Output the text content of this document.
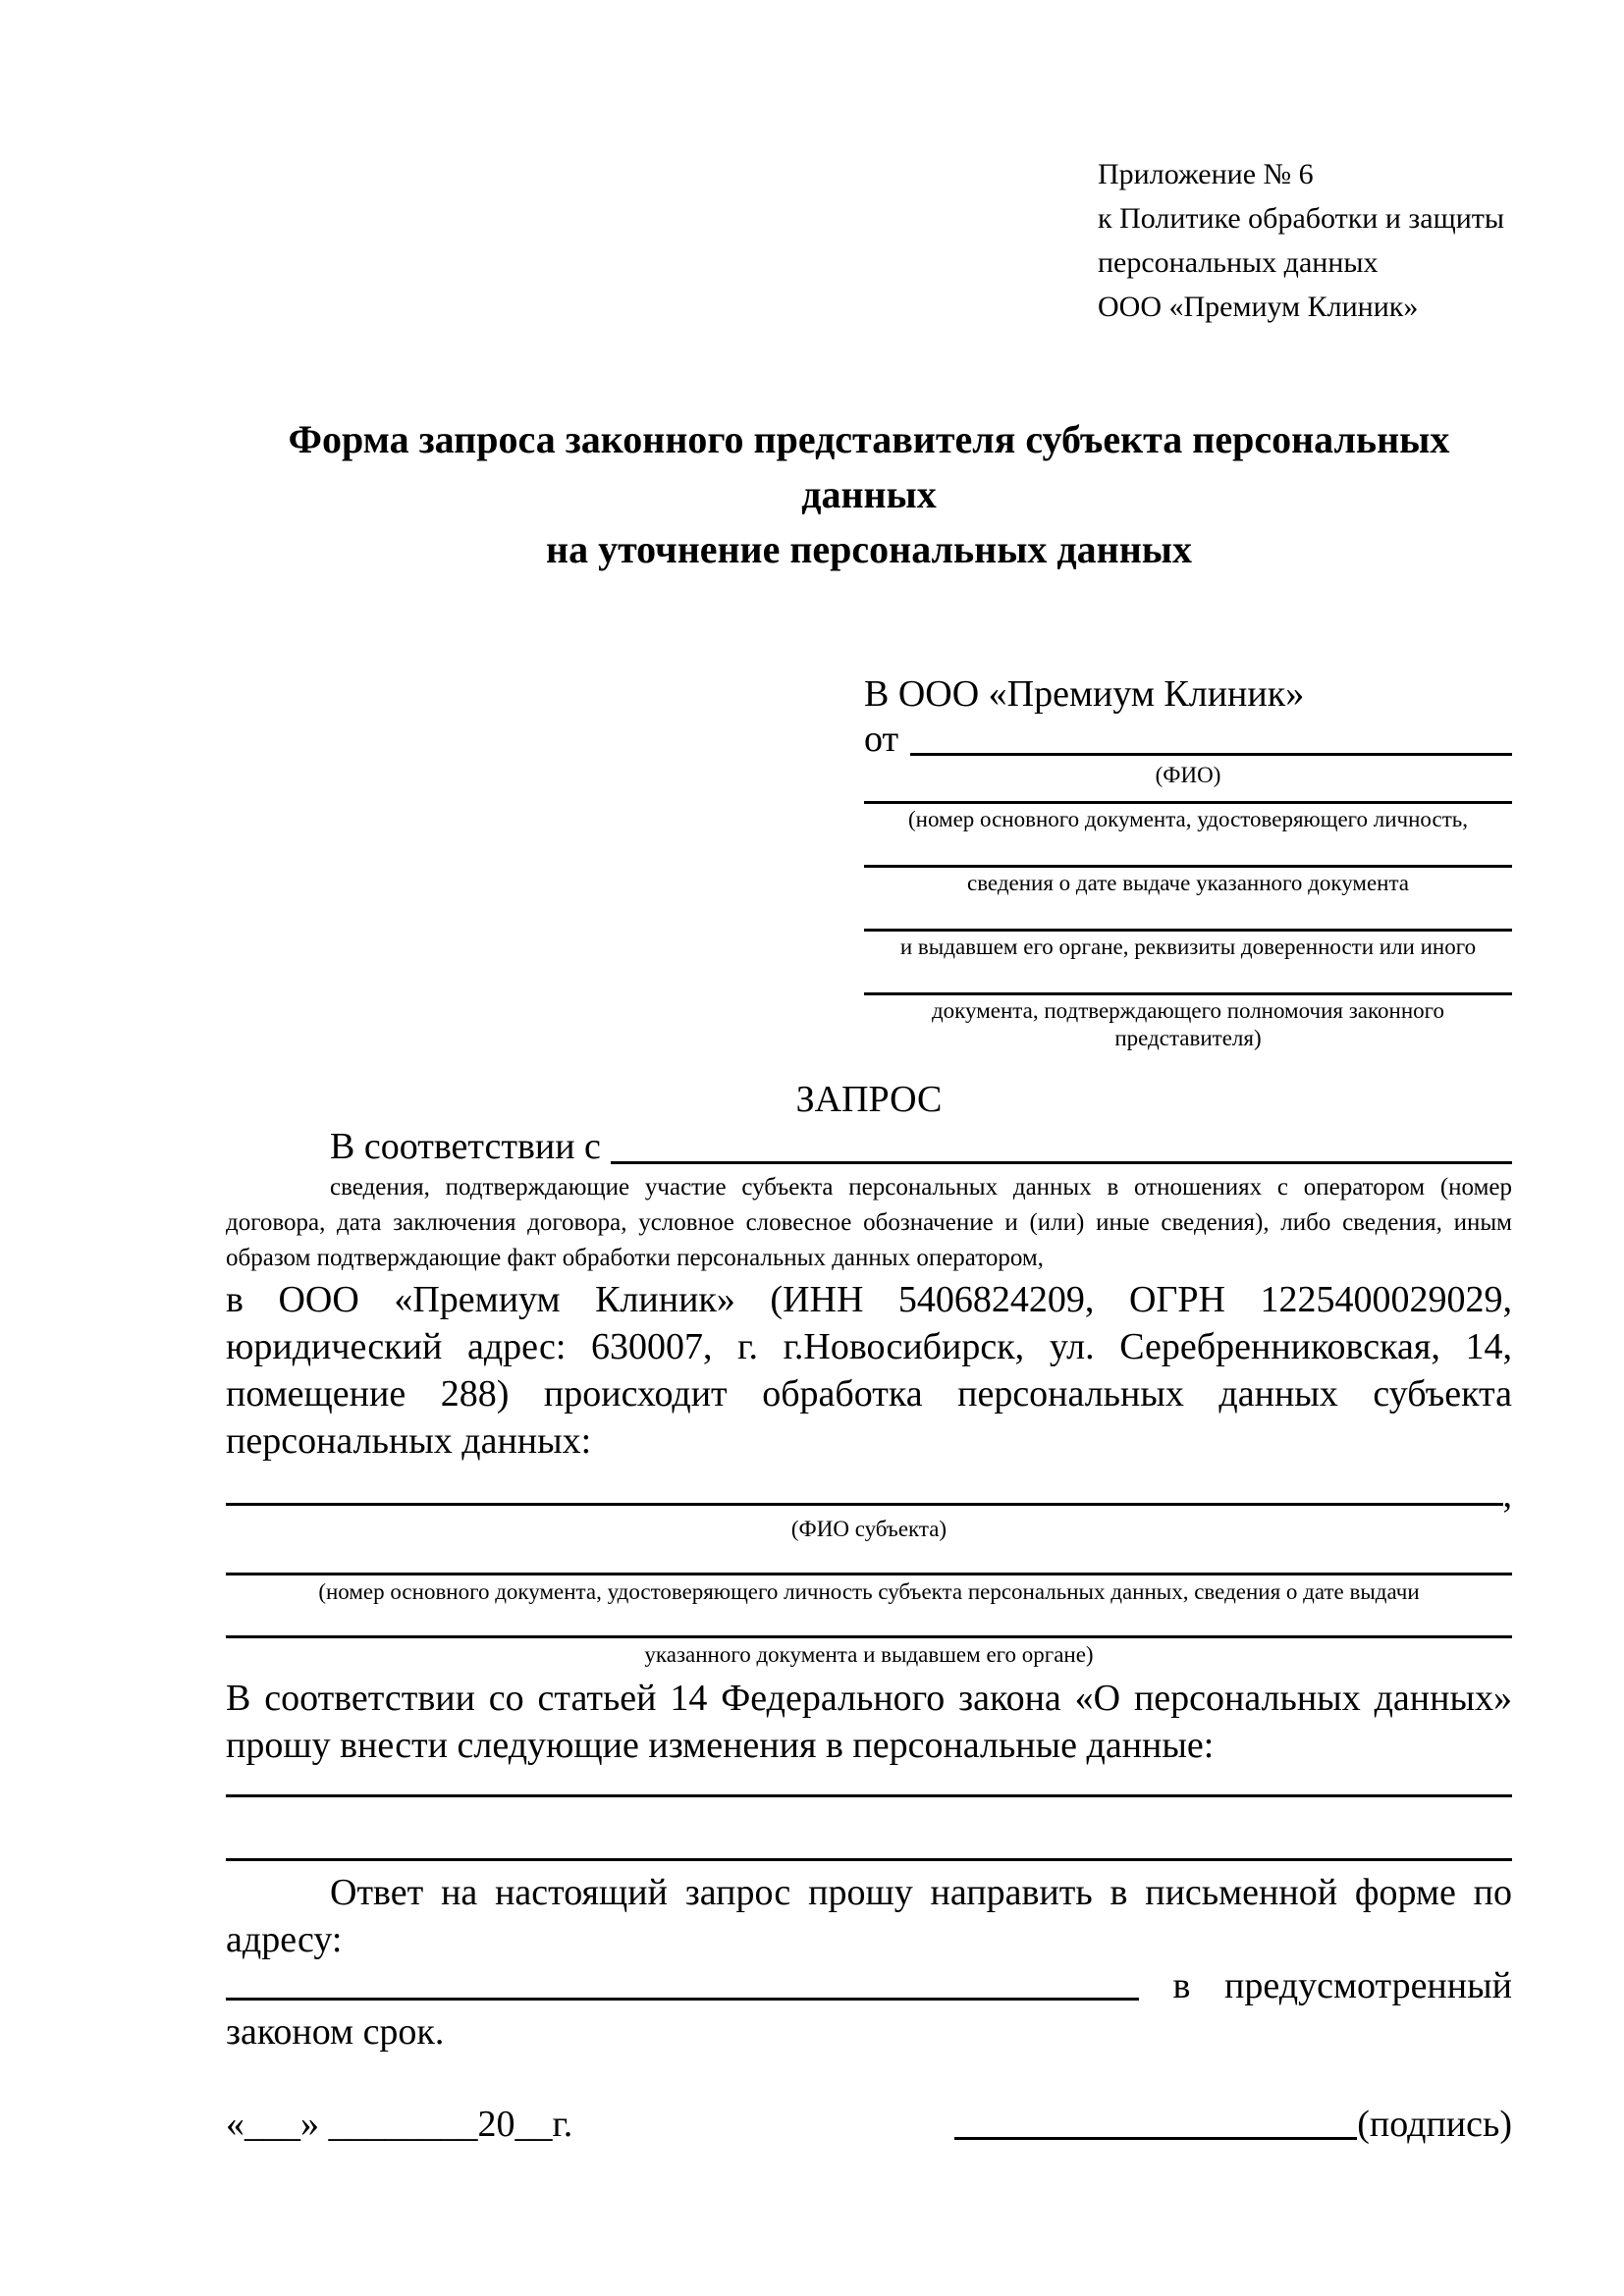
Приложение № 6
к Политике обработки и защиты
персональных данных
ООО «Премиум Клиник»
Форма запроса законного представителя субъекта персональных данных
на уточнение персональных данных
В ООО «Премиум Клиник»
от
(ФИО)
(номер основного документа, удостоверяющего личность,
сведения о дате выдаче указанного документа
и выдавшем его органе, реквизиты доверенности или иного
документа, подтверждающего полномочия законного представителя)
ЗАПРОС
В соответствии с
сведения, подтверждающие участие субъекта персональных данных в отношениях с оператором (номер договора, дата заключения договора, условное словесное обозначение и (или) иные сведения), либо сведения, иным образом подтверждающие факт обработки персональных данных оператором,

в ООО «Премиум Клиник» (ИНН 5406824209, ОГРН 1225400029029, юридический адрес: 630007, г. г.Новосибирск, ул. Серебренниковская, 14, помещение 288) происходит обработка персональных данных субъекта персональных данных:

,
(ФИО субъекта)
(номер основного документа, удостоверяющего личность субъекта персональных данных, сведения о дате выдачи
указанного документа и выдавшем его органе)

В соответствии со статьей 14 Федерального закона «О персональных данных» прошу внести следующие изменения в персональные данные:

Ответ на настоящий запрос прошу направить в письменной форме по адресу:

в предусмотренный

законом срок.

«___» ________20__г.	(подпись)
